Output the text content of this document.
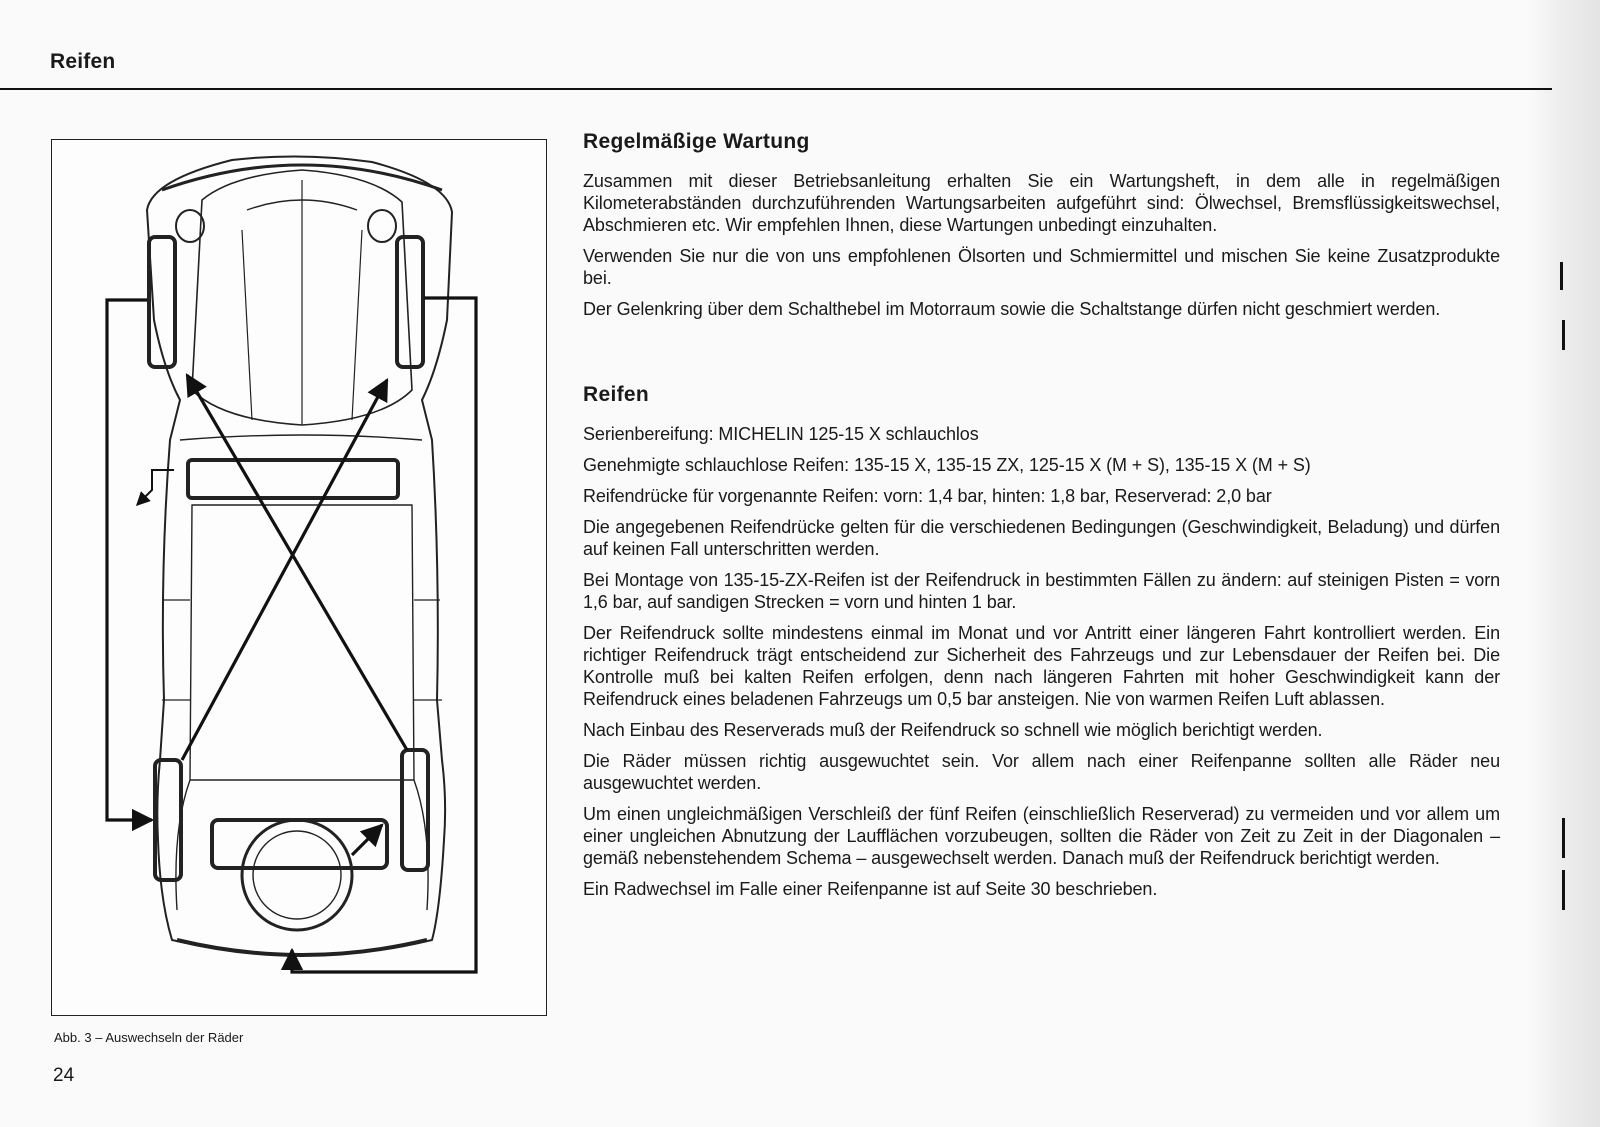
Reifen
Abb. 3 – Auswechseln der Räder
24
Regelmäßige Wartung

Zusammen mit dieser Betriebsanleitung erhalten Sie ein Wartungsheft, in dem alle in regelmäßigen Kilometerabständen durchzuführenden Wartungsarbeiten aufgeführt sind: Ölwechsel, Bremsflüssigkeitswechsel, Abschmieren etc. Wir empfehlen Ihnen, diese Wartungen unbedingt einzuhalten.

Verwenden Sie nur die von uns empfohlenen Ölsorten und Schmiermittel und mischen Sie keine Zusatzprodukte bei.

Der Gelenkring über dem Schalthebel im Motorraum sowie die Schaltstange dürfen nicht geschmiert werden.

Reifen

Serienbereifung: MICHELIN 125-15 X schlauchlos

Genehmigte schlauchlose Reifen: 135-15 X, 135-15 ZX, 125-15 X (M + S), 135-15 X (M + S)

Reifendrücke für vorgenannte Reifen: vorn: 1,4 bar, hinten: 1,8 bar, Reserverad: 2,0 bar

Die angegebenen Reifendrücke gelten für die verschiedenen Bedingungen (Geschwindigkeit, Beladung) und dürfen auf keinen Fall unterschritten werden.

Bei Montage von 135-15-ZX-Reifen ist der Reifendruck in bestimmten Fällen zu ändern: auf steinigen Pisten = vorn 1,6 bar, auf sandigen Strecken = vorn und hinten 1 bar.

Der Reifendruck sollte mindestens einmal im Monat und vor Antritt einer längeren Fahrt kontrolliert werden. Ein richtiger Reifendruck trägt entscheidend zur Sicherheit des Fahrzeugs und zur Lebensdauer der Reifen bei. Die Kontrolle muß bei kalten Reifen erfolgen, denn nach längeren Fahrten mit hoher Geschwindigkeit kann der Reifendruck eines beladenen Fahrzeugs um 0,5 bar ansteigen. Nie von warmen Reifen Luft ablassen.

Nach Einbau des Reserverads muß der Reifendruck so schnell wie möglich berichtigt werden.

Die Räder müssen richtig ausgewuchtet sein. Vor allem nach einer Reifenpanne sollten alle Räder neu ausgewuchtet werden.

Um einen ungleichmäßigen Verschleiß der fünf Reifen (einschließlich Reserverad) zu vermeiden und vor allem um einer ungleichen Abnutzung der Laufflächen vorzubeugen, sollten die Räder von Zeit zu Zeit in der Diagonalen – gemäß nebenstehendem Schema – ausgewechselt werden. Danach muß der Reifendruck berichtigt werden.

Ein Radwechsel im Falle einer Reifenpanne ist auf Seite 30 beschrieben.
